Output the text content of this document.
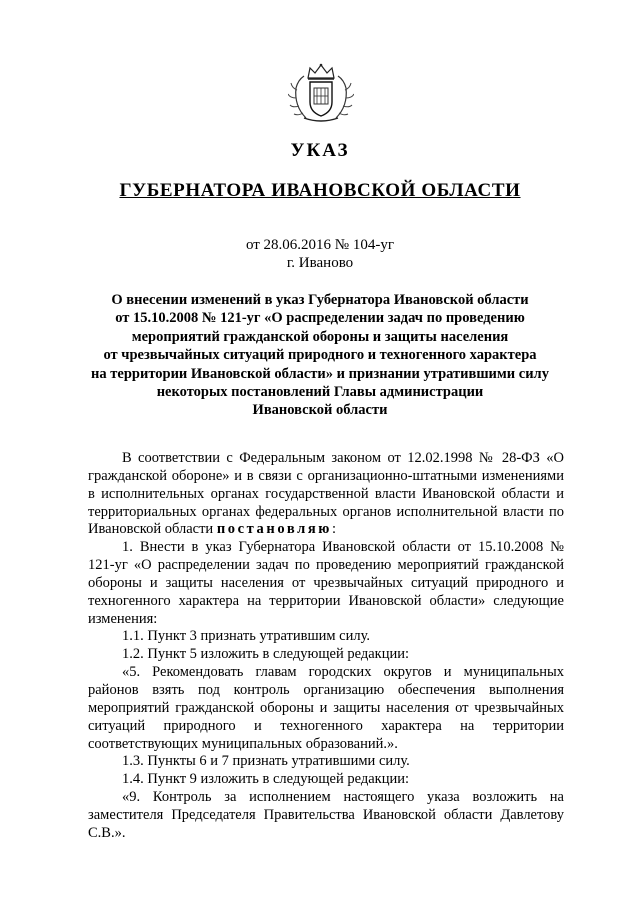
УКАЗ
ГУБЕРНАТОРА ИВАНОВСКОЙ ОБЛАСТИ
от 28.06.2016 № 104-уг
г. Иваново
О внесении изменений в указ Губернатора Ивановской области
от 15.10.2008 № 121-уг «О распределении задач по проведению
мероприятий гражданской обороны и защиты населения
от чрезвычайных ситуаций природного и техногенного характера
на территории Ивановской области» и признании утратившими силу
некоторых постановлений Главы администрации
Ивановской области

В соответствии с Федеральным законом от 12.02.1998 № 28-ФЗ «О гражданской обороне» и в связи с организационно-штатными изменениями в исполнительных органах государственной власти Ивановской области и территориальных органах федеральных органов исполнительной власти по Ивановской области постановляю:

1. Внести в указ Губернатора Ивановской области от 15.10.2008 № 121-уг «О распределении задач по проведению мероприятий гражданской обороны и защиты населения от чрезвычайных ситуаций природного и техногенного характера на территории Ивановской области» следующие изменения:

1.1. Пункт 3 признать утратившим силу.

1.2. Пункт 5 изложить в следующей редакции:

«5. Рекомендовать главам городских округов и муниципальных районов взять под контроль организацию обеспечения выполнения мероприятий гражданской обороны и защиты населения от чрезвычайных ситуаций природного и техногенного характера на территории соответствующих муниципальных образований.».

1.3. Пункты 6 и 7 признать утратившими силу.

1.4. Пункт 9 изложить в следующей редакции:

«9. Контроль за исполнением настоящего указа возложить на заместителя Председателя Правительства Ивановской области Давлетову С.В.».
